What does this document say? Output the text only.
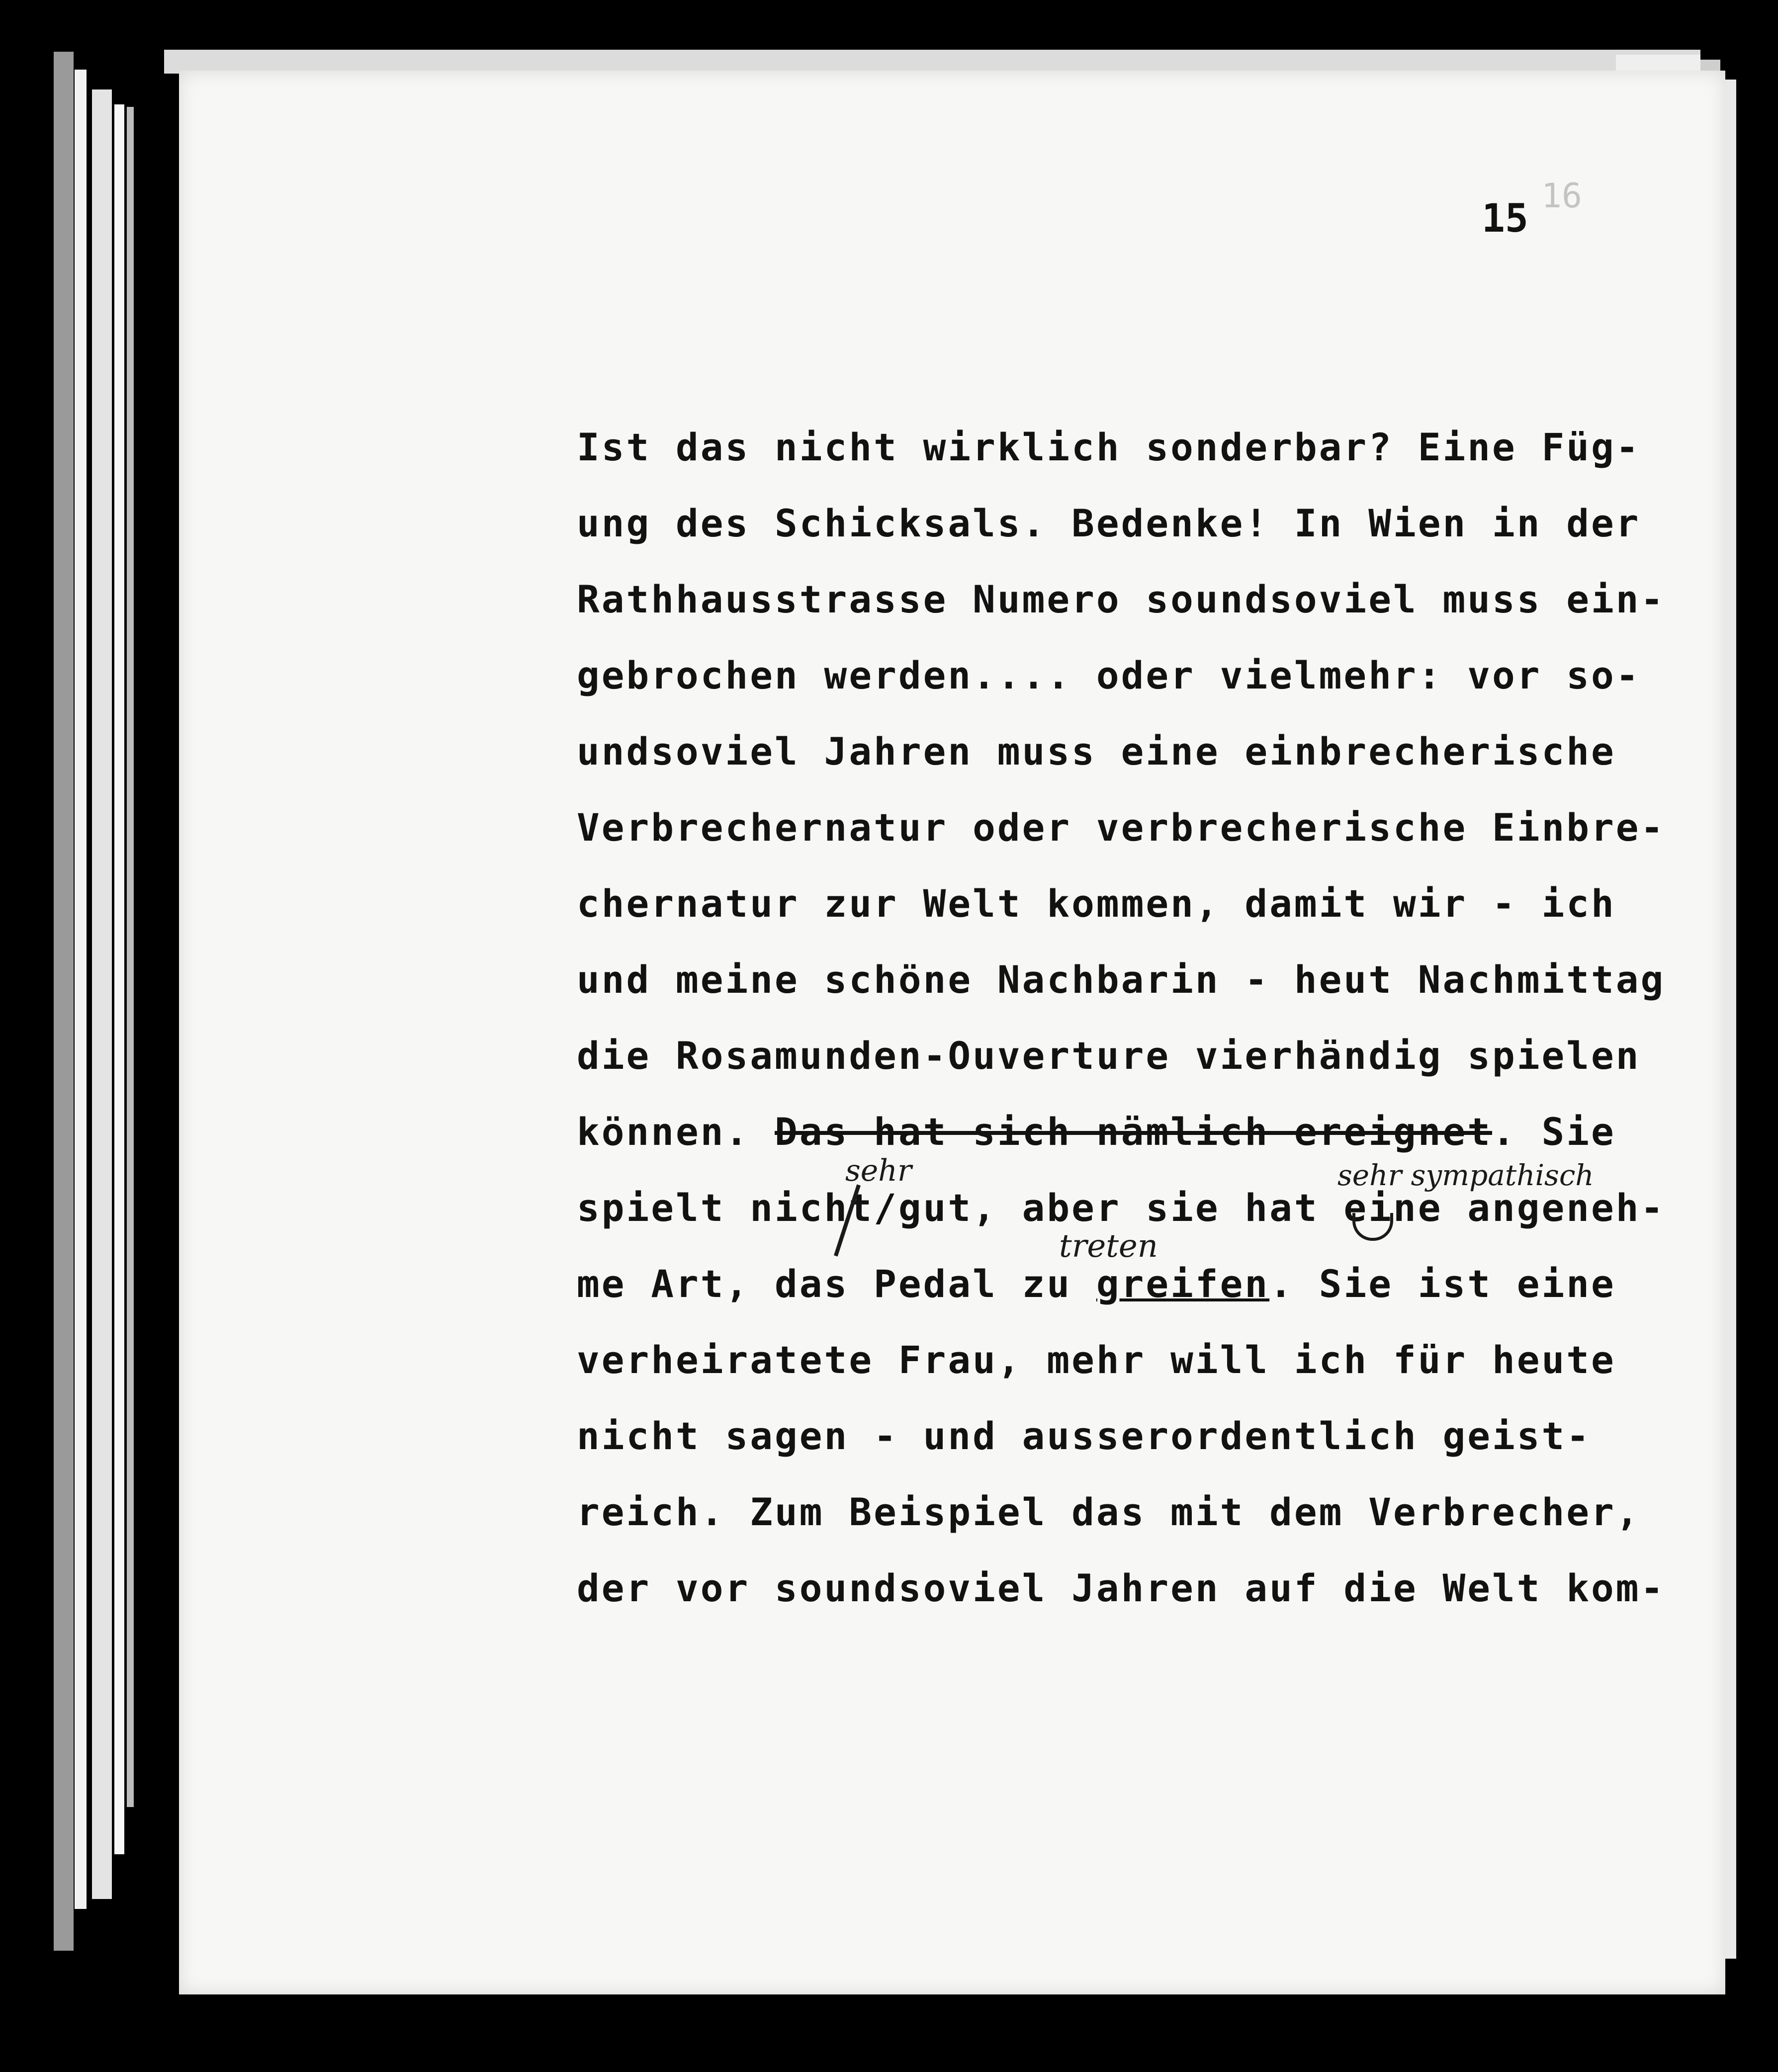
16
15
Ist das nicht wirklich sonderbar? Eine Füg-
ung des Schicksals. Bedenke! In Wien in der
Rathhausstrasse Numero soundsoviel muss ein-
gebrochen werden.... oder vielmehr: vor so-
undsoviel Jahren muss eine einbrecherische
Verbrechernatur oder verbrecherische Einbre-
chernatur zur Welt kommen, damit wir - ich
und meine schöne Nachbarin - heut Nachmittag
die Rosamunden-Ouverture vierhändig spielen
können. Das hat sich nämlich ereignet. Sie
spielt nicht/gut, aber sie hat eine angeneh-
me Art, das Pedal zu greifen. Sie ist eine
verheiratete Frau, mehr will ich für heute
nicht sagen - und ausserordentlich geist-
reich. Zum Beispiel das mit dem Verbrecher,
der vor soundsoviel Jahren auf die Welt kom-
sehr	sehr sympathisch
treten
